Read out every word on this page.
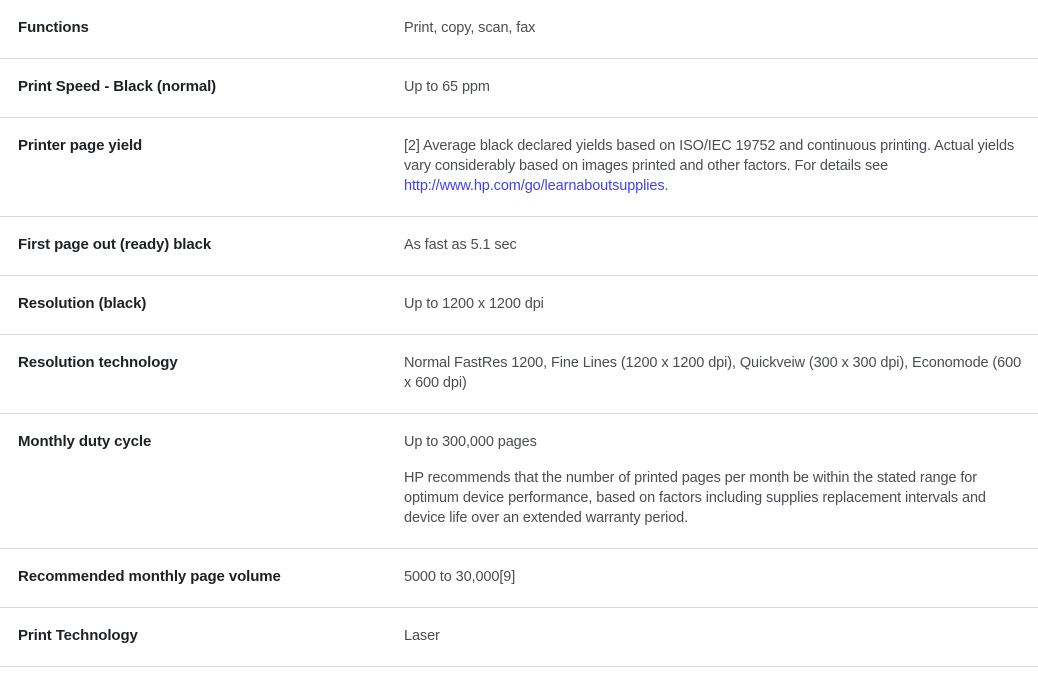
Functions	Print, copy, scan, fax

Print Speed - Black (normal)	Up to 65 ppm

Printer page yield	[2] Average black declared yields based on ISO/IEC 19752 and continuous printing. Actual yields vary considerably based on images printed and other factors. For details see http://www.hp.com/go/learnaboutsupplies.

First page out (ready) black	As fast as 5.1 sec

Resolution (black)	Up to 1200 x 1200 dpi

Resolution technology	Normal FastRes 1200, Fine Lines (1200 x 1200 dpi), Quickveiw (300 x 300 dpi), Economode (600 x 600 dpi)

Monthly duty cycle	Up to 300,000 pages

HP recommends that the number of printed pages per month be within the stated range for optimum device performance, based on factors including supplies replacement intervals and device life over an extended warranty period.

Recommended monthly page volume	5000 to 30,000[9]

Print Technology	Laser
